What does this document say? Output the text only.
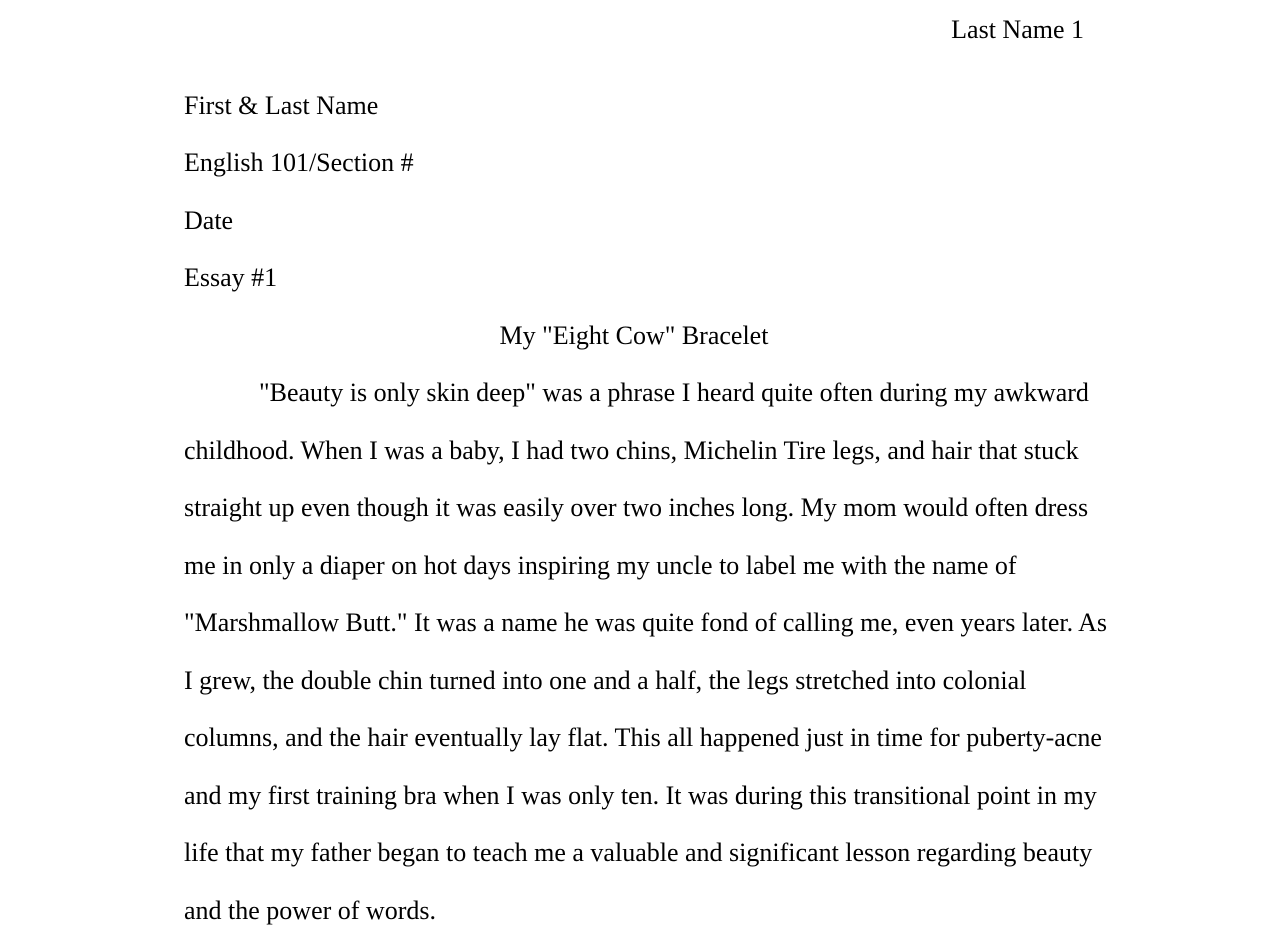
Last Name 1
First & Last Name
English 101/Section #
Date
Essay #1
My "Eight Cow" Bracelet
"Beauty is only skin deep" was a phrase I heard quite often during my awkward
childhood. When I was a baby, I had two chins, Michelin Tire legs, and hair that stuck
straight up even though it was easily over two inches long. My mom would often dress
me in only a diaper on hot days inspiring my uncle to label me with the name of
"Marshmallow Butt." It was a name he was quite fond of calling me, even years later. As
I grew, the double chin turned into one and a half, the legs stretched into colonial
columns, and the hair eventually lay flat. This all happened just in time for puberty-acne
and my first training bra when I was only ten. It was during this transitional point in my
life that my father began to teach me a valuable and significant lesson regarding beauty
and the power of words.
